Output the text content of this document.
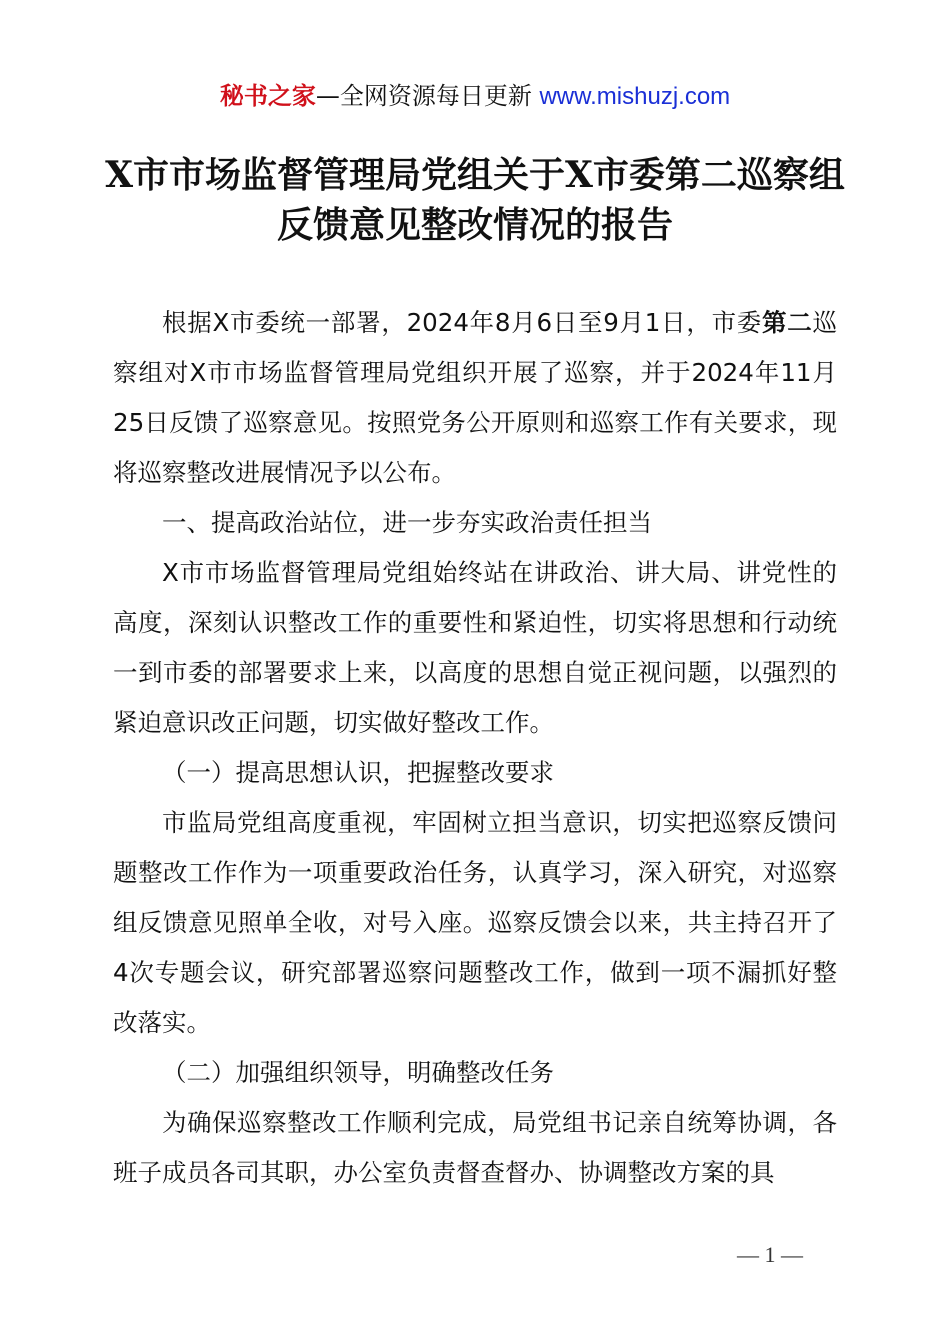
秘书之家—全网资源每日更新 www.mishuzj.com
X市市场监督管理局党组关于X市委第二巡察组
反馈意见整改情况的报告

根据X市委统一部署，2024年8月6日至9月1日，市委第二巡察组对X市市场监督管理局党组织开展了巡察，并于2024年11月25日反馈了巡察意见。按照党务公开原则和巡察工作有关要求，现将巡察整改进展情况予以公布。

一、提高政治站位，进一步夯实政治责任担当

X市市场监督管理局党组始终站在讲政治、讲大局、讲党性的高度，深刻认识整改工作的重要性和紧迫性，切实将思想和行动统一到市委的部署要求上来，以高度的思想自觉正视问题，以强烈的紧迫意识改正问题，切实做好整改工作。

（一）提高思想认识，把握整改要求

市监局党组高度重视，牢固树立担当意识，切实把巡察反馈问题整改工作作为一项重要政治任务，认真学习，深入研究，对巡察组反馈意见照单全收，对号入座。巡察反馈会以来，共主持召开了4次专题会议，研究部署巡察问题整改工作，做到一项不漏抓好整改落实。

（二）加强组织领导，明确整改任务

为确保巡察整改工作顺利完成，局党组书记亲自统筹协调，各班子成员各司其职，办公室负责督查督办、协调整改方案的具

— 1 —
